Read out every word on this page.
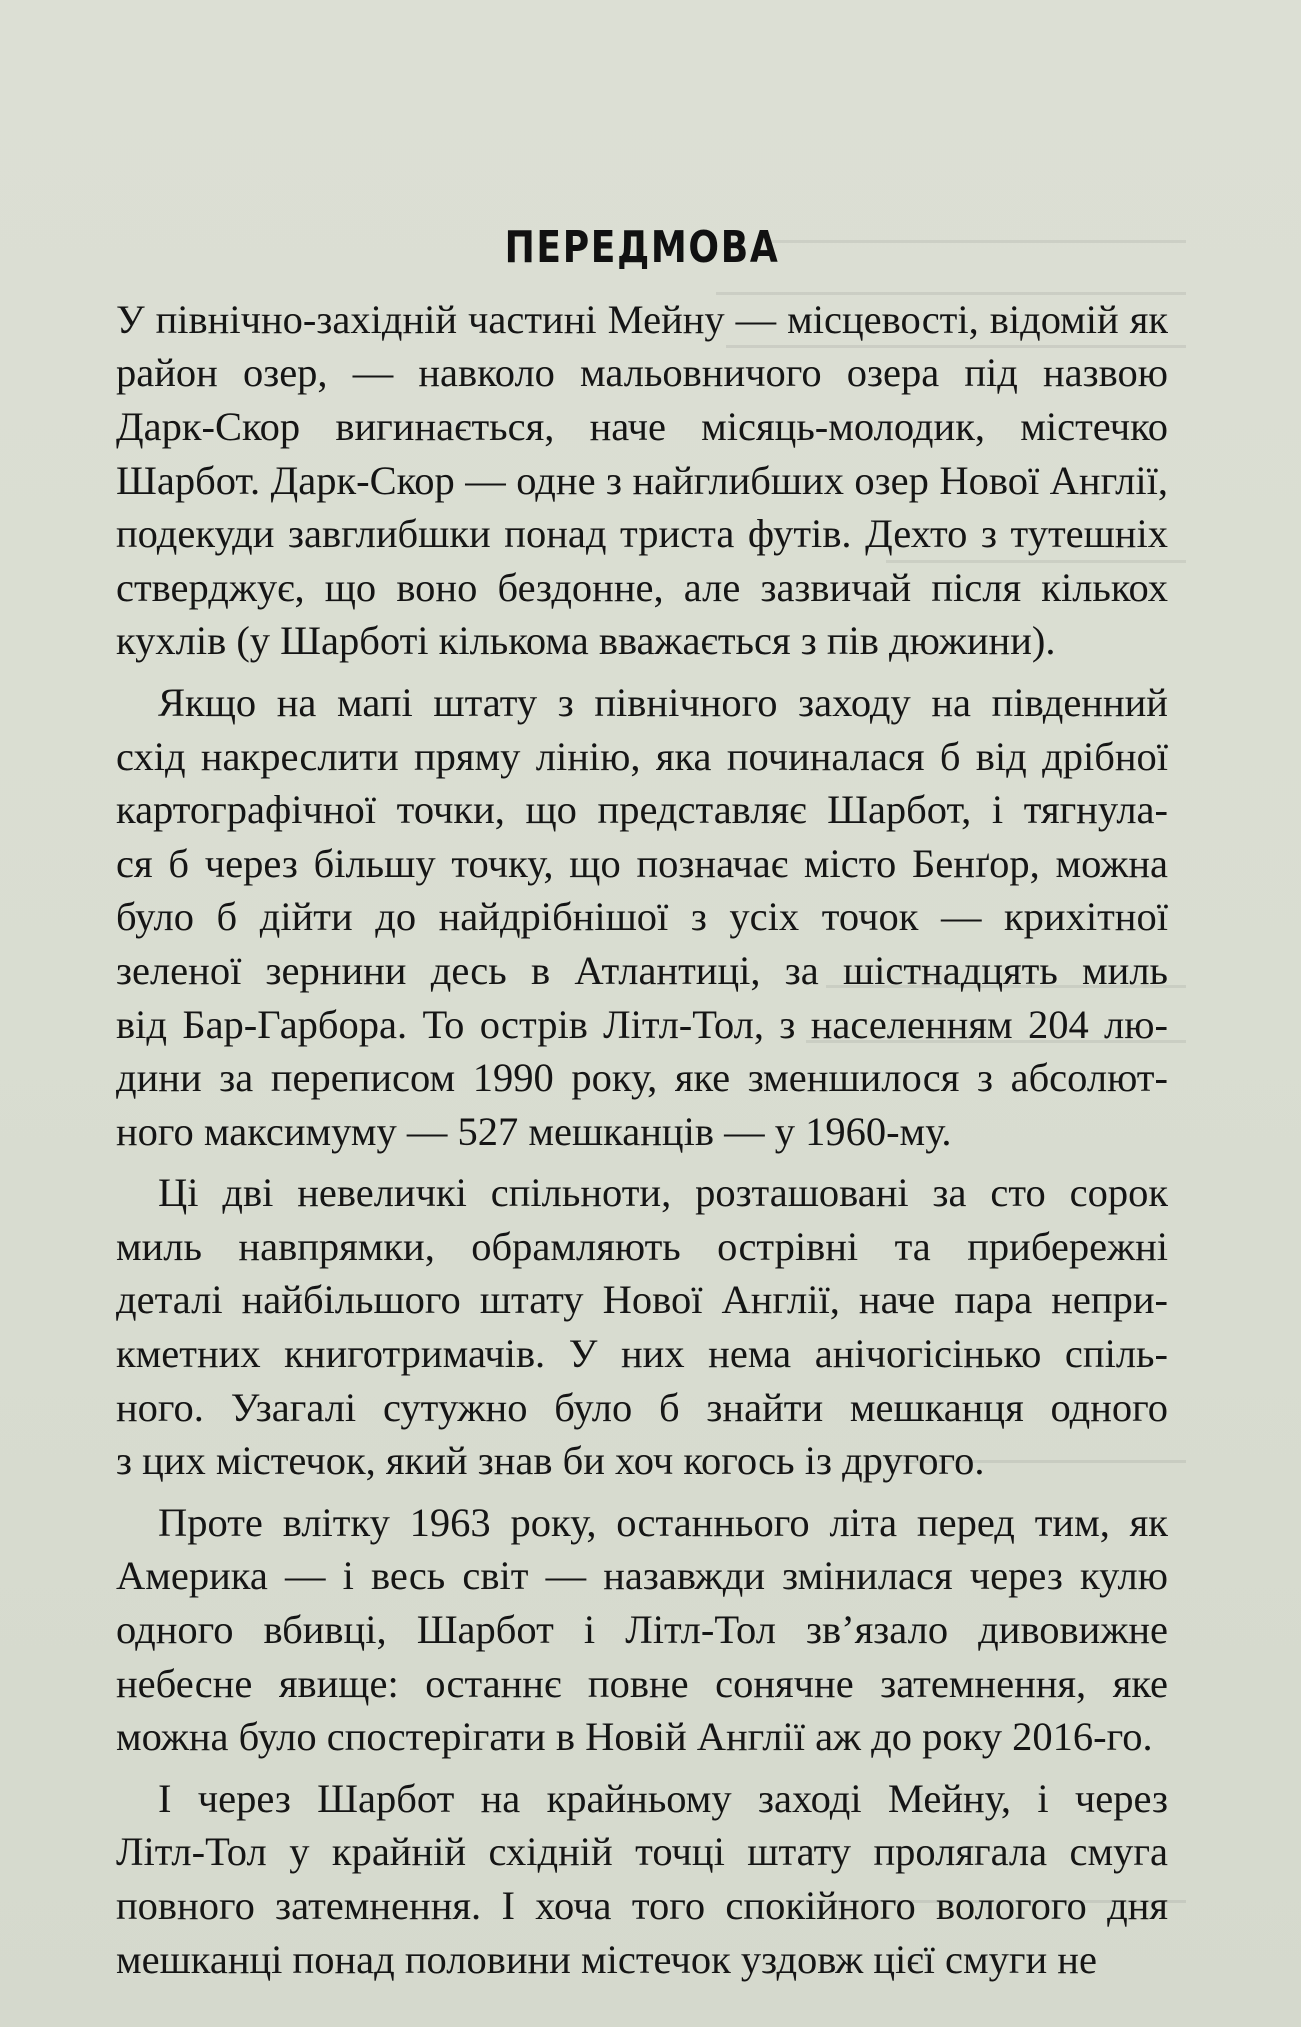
ПЕРЕДМОВА
У північно-західній частині Мейну — місцевості, відомій як
район озер, — навколо мальовничого озера під назвою
Дарк-Скор вигинається, наче місяць-молодик, містечко
Шарбот. Дарк-Скор — одне з найглибших озер Нової Англії,
подекуди завглибшки понад триста футів. Дехто з тутешніх
стверджує, що воно бездонне, але зазвичай після кількох
кухлів (у Шарботі кількома вважається з пів дюжини).
Якщо на мапі штату з північного заходу на південний
схід накреслити пряму лінію, яка починалася б від дрібної
картографічної точки, що представляє Шарбот, і тягнула-
ся б через більшу точку, що позначає місто Бенґор, можна
було б дійти до найдрібнішої з усіх точок — крихітної
зеленої зернини десь в Атлантиці, за шістнадцять миль
від Бар-Гарбора. То острів Літл-Тол, з населенням 204 лю-
дини за переписом 1990 року, яке зменшилося з абсолют-
ного максимуму — 527 мешканців — у 1960-му.
Ці дві невеличкі спільноти, розташовані за сто сорок
миль навпрямки, обрамляють острівні та прибережні
деталі найбільшого штату Нової Англії, наче пара непри-
кметних книготримачів. У них нема анічогісінько спіль-
ного. Узагалі сутужно було б знайти мешканця одного
з цих містечок, який знав би хоч когось із другого.
Проте влітку 1963 року, останнього літа перед тим, як
Америка — і весь світ — назавжди змінилася через кулю
одного вбивці, Шарбот і Літл-Тол зв’язало дивовижне
небесне явище: останнє повне сонячне затемнення, яке
можна було спостерігати в Новій Англії аж до року 2016-го.
І через Шарбот на крайньому заході Мейну, і через
Літл-Тол у крайній східній точці штату пролягала смуга
повного затемнення. І хоча того спокійного вологого дня
мешканці понад половини містечок уздовж цієї смуги не
